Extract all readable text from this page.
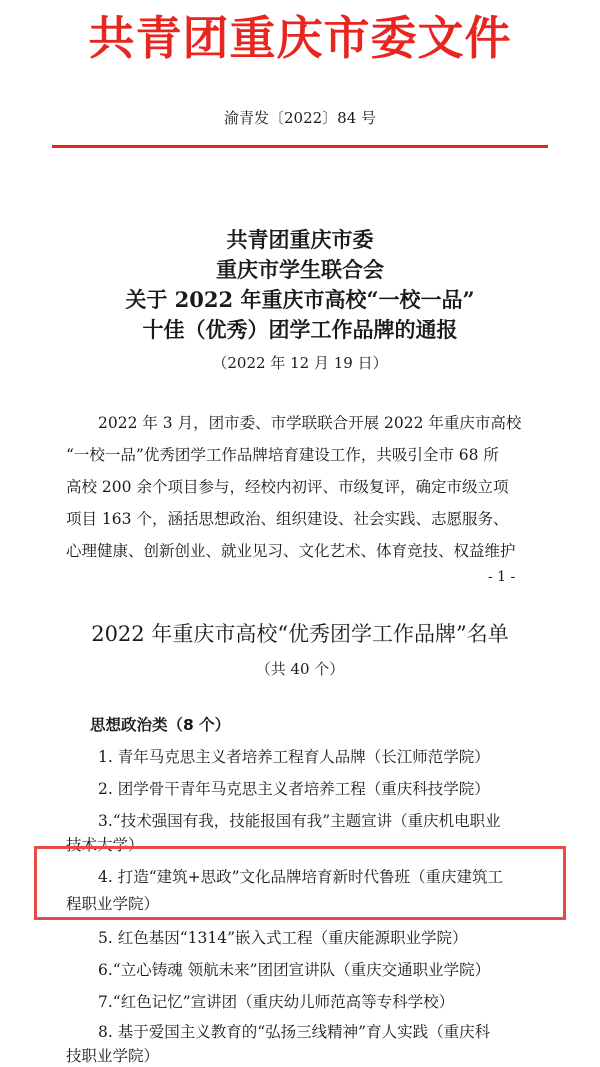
共青团重庆市委文件
渝青发〔2022〕84 号
共青团重庆市委
重庆市学生联合会
关于 2022 年重庆市高校“一校一品”
十佳（优秀）团学工作品牌的通报
（2022 年 12 月 19 日）
2022 年 3 月，团市委、市学联联合开展 2022 年重庆市高校
“一校一品”优秀团学工作品牌培育建设工作，共吸引全市 68 所
高校 200 余个项目参与，经校内初评、市级复评，确定市级立项
项目 163 个，涵括思想政治、组织建设、社会实践、志愿服务、
心理健康、创新创业、就业见习、文化艺术、体育竞技、权益维护
- 1 -
2022 年重庆市高校“优秀团学工作品牌”名单
（共 40 个）
思想政治类（8 个）
1. 青年马克思主义者培养工程育人品牌（长江师范学院）
2. 团学骨干青年马克思主义者培养工程（重庆科技学院）
3.“技术强国有我，技能报国有我”主题宣讲（重庆机电职业
技术大学）
4. 打造“建筑+思政”文化品牌培育新时代鲁班（重庆建筑工
程职业学院）
5. 红色基因“1314”嵌入式工程（重庆能源职业学院）
6.“立心铸魂 领航未来”团团宣讲队（重庆交通职业学院）
7.“红色记忆”宣讲团（重庆幼儿师范高等专科学校）
8. 基于爱国主义教育的“弘扬三线精神”育人实践（重庆科
技职业学院）
